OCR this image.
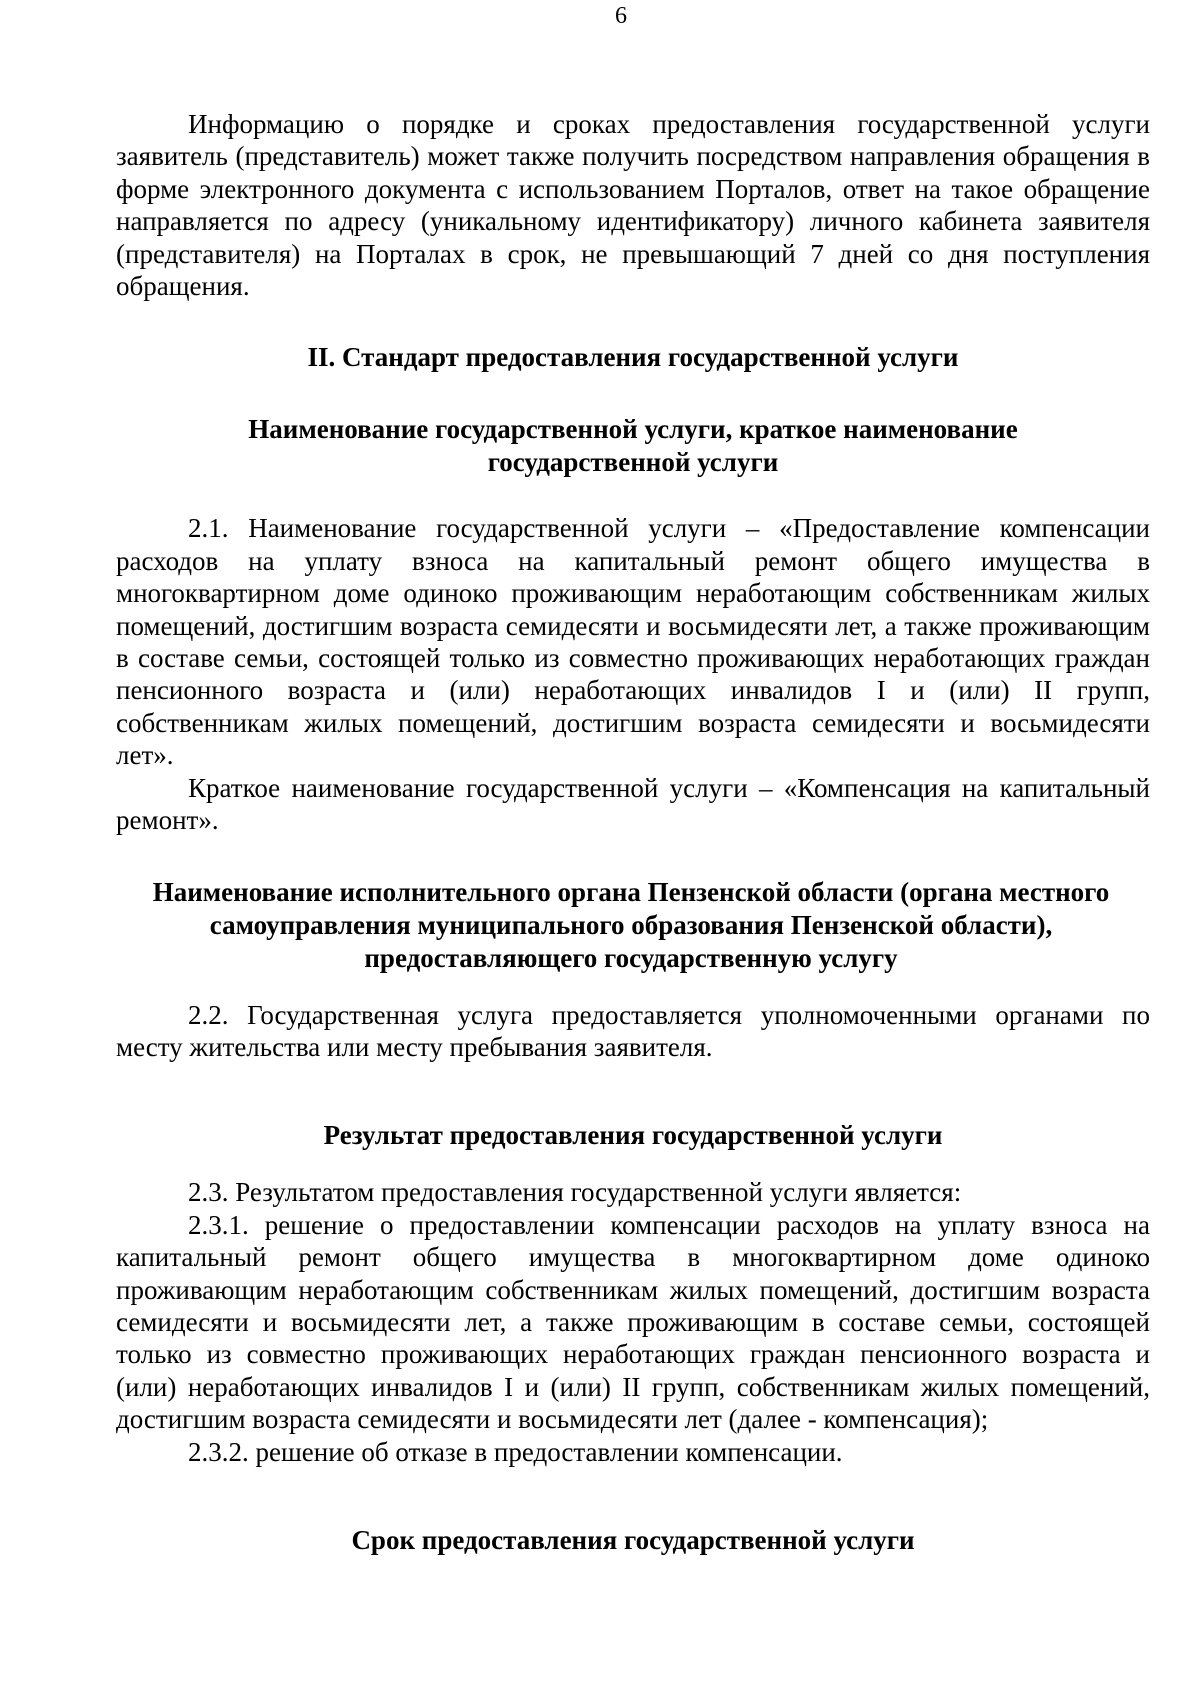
6

Информацию о порядке и сроках предоставления государственной услуги заявитель (представитель) может также получить посредством направления обращения в форме электронного документа с использованием Порталов, ответ на такое обращение направляется по адресу (уникальному идентификатору) личного кабинета заявителя (представителя) на Порталах в срок, не превышающий 7 дней со дня поступления обращения.

II. Стандарт предоставления государственной услуги
Наименование государственной услуги, краткое наименование государственной услуги

2.1. Наименование государственной услуги – «Предоставление компенсации расходов на уплату взноса на капитальный ремонт общего имущества в многоквартирном доме одиноко проживающим неработающим собственникам жилых помещений, достигшим возраста семидесяти и восьмидесяти лет, а также проживающим в составе семьи, состоящей только из совместно проживающих неработающих граждан пенсионного возраста и (или) неработающих инвалидов I и (или) II групп, собственникам жилых помещений, достигшим возраста семидесяти и восьмидесяти лет».

Краткое наименование государственной услуги – «Компенсация на капитальный ремонт».

Наименование исполнительного органа Пензенской области (органа местного самоуправления муниципального образования Пензенской области), предоставляющего государственную услугу

2.2. Государственная услуга предоставляется уполномоченными органами по месту жительства или месту пребывания заявителя.

Результат предоставления государственной услуги

2.3. Результатом предоставления государственной услуги является:

2.3.1. решение о предоставлении компенсации расходов на уплату взноса на капитальный ремонт общего имущества в многоквартирном доме одиноко проживающим неработающим собственникам жилых помещений, достигшим возраста семидесяти и восьмидесяти лет, а также проживающим в составе семьи, состоящей только из совместно проживающих неработающих граждан пенсионного возраста и (или) неработающих инвалидов I и (или) II групп, собственникам жилых помещений, достигшим возраста семидесяти и восьмидесяти лет (далее - компенсация);

2.3.2. решение об отказе в предоставлении компенсации.

Срок предоставления государственной услуги
